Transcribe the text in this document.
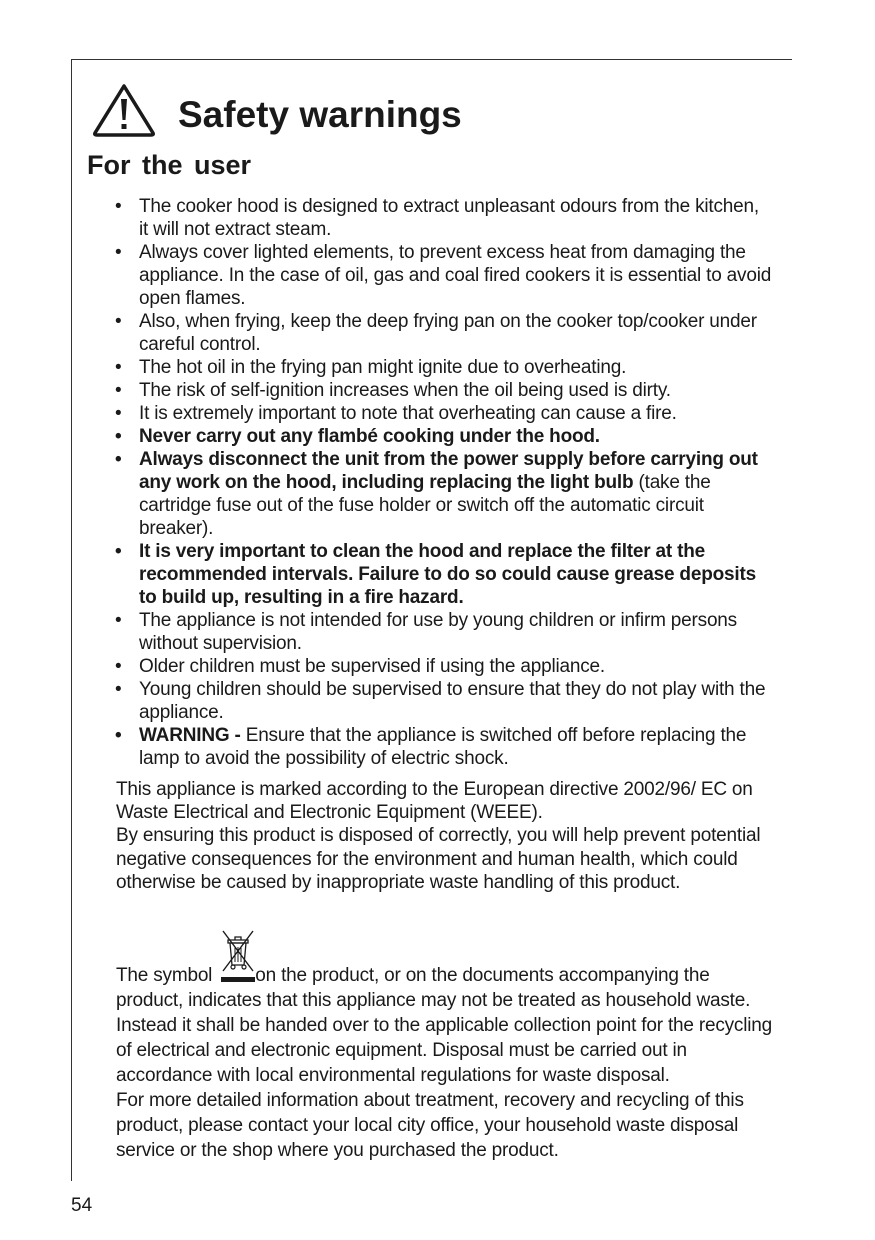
Safety warnings
For the user
• The cooker hood is designed to extract unpleasant odours from the kitchen, it will not extract steam.
• Always cover lighted elements, to prevent excess heat from damaging the appliance. In the case of oil, gas and coal fired cookers it is essential to avoid open flames.
• Also, when frying, keep the deep frying pan on the cooker top/cooker under careful control.
• The hot oil in the frying pan might ignite due to overheating.
• The risk of self-ignition increases when the oil being used is dirty.
• It is extremely important to note that overheating can cause a fire.
• Never carry out any flambé cooking under the hood.
• Always disconnect the unit from the power supply before carrying out any work on the hood, including replacing the light bulb (take the cartridge fuse out of the fuse holder or switch off the automatic circuit breaker).
• It is very important to clean the hood and replace the filter at the recommended intervals. Failure to do so could cause grease deposits to build up, resulting in a fire hazard.
• The appliance is not intended for use by young children or infirm persons without supervision.
• Older children must be supervised if using the appliance.
• Young children should be supervised to ensure that they do not play with the appliance.
• WARNING - Ensure that the appliance is switched off before replacing the lamp to avoid the possibility of electric shock.
This appliance is marked according to the European directive 2002/96/ EC on Waste Electrical and Electronic Equipment (WEEE).
By ensuring this product is disposed of correctly, you will help prevent potential negative consequences for the environment and human health, which could otherwise be caused by inappropriate waste handling of this product.
The symbol
on the product, or on the documents accompanying the product, indicates that this appliance may not be treated as household waste. Instead it shall be handed over to the applicable collection point for the recycling of electrical and electronic equipment. Disposal must be carried out in accordance with local environmental regulations for waste disposal.
For more detailed information about treatment, recovery and recycling of this product, please contact your local city office, your household waste disposal service or the shop where you purchased the product.
54
